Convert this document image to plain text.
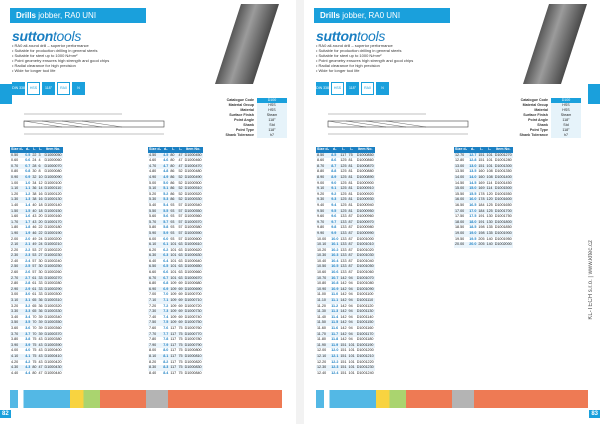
Drills jobber, RA0 UNI
suttontools
• RA0 all-round drill – superior performance
• Suitable for production drilling in general steels
• Suitable for steel up to 1000 N/mm²
• Point geometry ensures high strength and good chips
• Radial clearance for high precision
• Wide for longer tool life
DIN 338	HSS	118°	RA0	N
Catalogue Code	D100
Material Group	HSS
Material	HSS
Surface Finish	Steam
Point Angle	118°
Shank	Std
Point Type	118°
Shank Tolerance	h7
Size d₁	d₁	l₁	l₂	Item No.
0.50	0.5	22	3	D1000050
0.60	0.6	24	4	D1000060
0.70	0.7	28	6	D1000070
0.80	0.8	30	8	D1000080
0.90	0.9	32	10	D1000090
1.00	1.0	34	12	D1000100
1.10	1.1	36	14	D1000110
1.20	1.2	38	16	D1000120
1.30	1.3	38	16	D1000130
1.40	1.4	40	18	D1000140
1.50	1.5	40	18	D1000150
1.60	1.6	43	20	D1000160
1.70	1.7	43	20	D1000170
1.80	1.8	46	22	D1000180
1.90	1.9	46	22	D1000190
2.00	2.0	49	24	D1000200
2.10	2.1	49	24	D1000210
2.20	2.2	53	27	D1000220
2.30	2.3	53	27	D1000230
2.40	2.4	57	30	D1000240
2.50	2.5	57	30	D1000250
2.60	2.6	57	30	D1000260
2.70	2.7	61	33	D1000270
2.80	2.8	61	33	D1000280
2.90	2.9	61	33	D1000290
3.00	3.0	61	33	D1000300
3.10	3.1	65	36	D1000310
3.20	3.2	65	36	D1000320
3.30	3.3	65	36	D1000330
3.40	3.4	70	39	D1000340
3.50	3.5	70	39	D1000350
3.60	3.6	70	39	D1000360
3.70	3.7	70	39	D1000370
3.80	3.8	75	43	D1000380
3.90	3.9	75	43	D1000390
4.00	4.0	75	43	D1000400
4.10	4.1	75	43	D1000410
4.20	4.2	75	43	D1000420
4.30	4.3	80	47	D1000430
4.40	4.4	80	47	D1000440
Size d₁	d₁	l₁	l₂	Item No.
4.50	4.5	80	47	D1000450
4.60	4.6	80	47	D1000460
4.70	4.7	80	47	D1000470
4.80	4.8	86	52	D1000480
4.90	4.9	86	52	D1000490
5.00	5.0	86	52	D1000500
5.10	5.1	86	52	D1000510
5.20	5.2	86	52	D1000520
5.30	5.3	86	52	D1000530
5.40	5.4	93	57	D1000540
5.50	5.5	93	57	D1000550
5.60	5.6	93	57	D1000560
5.70	5.7	93	57	D1000570
5.80	5.8	93	57	D1000580
5.90	5.9	93	57	D1000590
6.00	6.0	93	57	D1000600
6.10	6.1	101	63	D1000610
6.20	6.2	101	63	D1000620
6.30	6.3	101	63	D1000630
6.40	6.4	101	63	D1000640
6.50	6.5	101	63	D1000650
6.60	6.6	101	63	D1000660
6.70	6.7	101	63	D1000670
6.80	6.8	109	69	D1000680
6.90	6.9	109	69	D1000690
7.00	7.0	109	69	D1000700
7.10	7.1	109	69	D1000710
7.20	7.2	109	69	D1000720
7.30	7.3	109	69	D1000730
7.40	7.4	109	69	D1000740
7.50	7.5	109	69	D1000750
7.60	7.6	117	75	D1000760
7.70	7.7	117	75	D1000770
7.80	7.8	117	75	D1000780
7.90	7.9	117	75	D1000790
8.00	8.0	117	75	D1000800
8.10	8.1	117	75	D1000810
8.20	8.2	117	75	D1000820
8.30	8.3	117	75	D1000830
8.40	8.4	117	75	D1000840
82
Drills jobber, RA0 UNI
suttontools
• RA0 all-round drill – superior performance
• Suitable for production drilling in general steels
• Suitable for steel up to 1000 N/mm²
• Point geometry ensures high strength and good chips
• Radial clearance for high precision
• Wide for longer tool life
DIN 338	HSS	118°	RA0	N
Catalogue Code	D100
Material Group	HSS
Material	HSS
Surface Finish	Steam
Point Angle	118°
Shank	Std
Point Type	118°
Shank Tolerance	h7
Size d₁	d₁	l₁	l₂	Item No.
8.50	8.5	117	75	D1000850
8.60	8.6	125	81	D1000860
8.70	8.7	125	81	D1000870
8.80	8.8	125	81	D1000880
8.90	8.9	125	81	D1000890
9.00	9.0	125	81	D1000900
9.10	9.1	125	81	D1000910
9.20	9.2	125	81	D1000920
9.30	9.3	125	81	D1000930
9.40	9.4	125	81	D1000940
9.50	9.5	125	81	D1000950
9.60	9.6	133	87	D1000960
9.70	9.7	133	87	D1000970
9.80	9.8	133	87	D1000980
9.90	9.9	133	87	D1000990
10.00	10.0	133	87	D1001000
10.10	10.1	133	87	D1001010
10.20	10.2	133	87	D1001020
10.30	10.3	133	87	D1001030
10.40	10.4	133	87	D1001040
10.50	10.5	133	87	D1001050
10.60	10.6	133	87	D1001060
10.70	10.7	142	94	D1001070
10.80	10.8	142	94	D1001080
10.90	10.9	142	94	D1001090
11.00	11.0	142	94	D1001100
11.10	11.1	142	94	D1001110
11.20	11.2	142	94	D1001120
11.30	11.3	142	94	D1001130
11.40	11.4	142	94	D1001140
11.50	11.5	142	94	D1001150
11.60	11.6	142	94	D1001160
11.70	11.7	142	94	D1001170
11.80	11.8	142	94	D1001180
11.90	11.9	151	101	D1001190
12.00	12.0	151	101	D1001200
12.10	12.1	151	101	D1001210
12.20	12.2	151	101	D1001220
12.30	12.3	151	101	D1001230
12.40	12.4	151	101	D1001240
Size d₁	d₁	l₁	l₂	Item No.
12.70	12.7	151	101	D1001270
12.80	12.8	151	101	D1001280
13.00	13.0	151	101	D1001300
13.50	13.5	160	108	D1001350
14.00	14.0	160	108	D1001400
14.50	14.5	169	114	D1001450
15.00	15.0	169	114	D1001500
15.50	15.5	178	120	D1001550
16.00	16.0	178	120	D1001600
16.50	16.5	184	125	D1001650
17.00	17.0	184	125	D1001700
17.50	17.5	191	130	D1001750
18.00	18.0	191	130	D1001800
18.50	18.5	198	135	D1001850
19.00	19.0	198	135	D1001900
19.50	19.5	205	140	D1001950
20.00	20.0	205	140	D1002000	KL-TECH s.r.o. | www.kltec.cz
83
